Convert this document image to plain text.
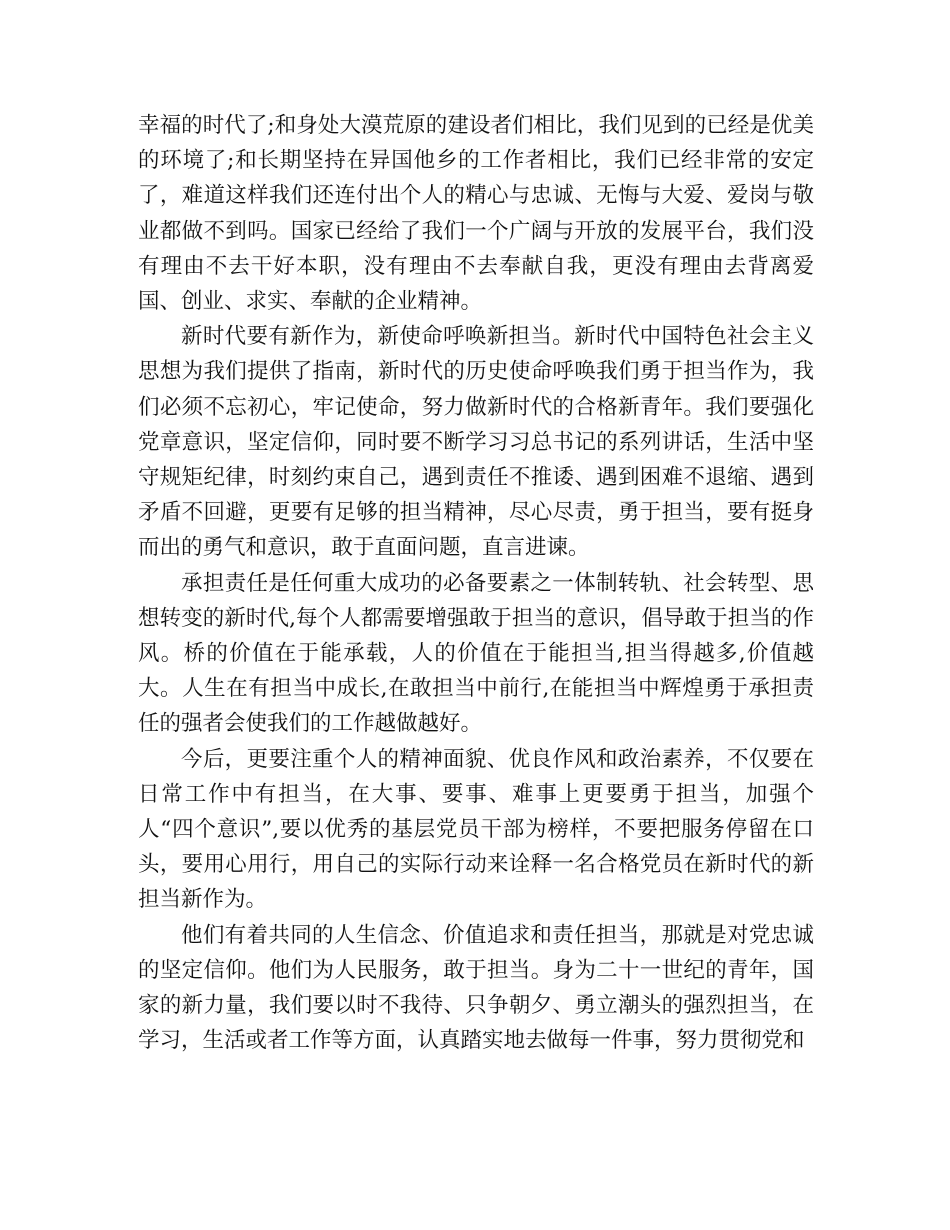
幸福的时代了;和身处大漠荒原的建设者们相比，我们见到的已经是优美的环境了;和长期坚持在异国他乡的工作者相比，我们已经非常的安定了，难道这样我们还连付出个人的精心与忠诚、无悔与大爱、爱岗与敬业都做不到吗。国家已经给了我们一个广阔与开放的发展平台，我们没有理由不去干好本职，没有理由不去奉献自我，更没有理由去背离爱国、创业、求实、奉献的企业精神。

新时代要有新作为，新使命呼唤新担当。新时代中国特色社会主义思想为我们提供了指南，新时代的历史使命呼唤我们勇于担当作为，我们必须不忘初心，牢记使命，努力做新时代的合格新青年。我们要强化党章意识，坚定信仰，同时要不断学习习总书记的系列讲话，生活中坚守规矩纪律，时刻约束自己，遇到责任不推诿、遇到困难不退缩、遇到矛盾不回避，更要有足够的担当精神，尽心尽责，勇于担当，要有挺身而出的勇气和意识，敢于直面问题，直言进谏。

承担责任是任何重大成功的必备要素之一体制转轨、社会转型、思想转变的新时代,每个人都需要增强敢于担当的意识，倡导敢于担当的作风。桥的价值在于能承载，人的价值在于能担当,担当得越多,价值越大。人生在有担当中成长,在敢担当中前行,在能担当中辉煌勇于承担责任的强者会使我们的工作越做越好。

今后，更要注重个人的精神面貌、优良作风和政治素养，不仅要在日常工作中有担当，在大事、要事、难事上更要勇于担当，加强个人“四个意识”,要以优秀的基层党员干部为榜样，不要把服务停留在口头，要用心用行，用自己的实际行动来诠释一名合格党员在新时代的新担当新作为。

他们有着共同的人生信念、价值追求和责任担当，那就是对党忠诚的坚定信仰。他们为人民服务，敢于担当。身为二十一世纪的青年，国家的新力量，我们要以时不我待、只争朝夕、勇立潮头的强烈担当，在学习，生活或者工作等方面，认真踏实地去做每一件事，努力贯彻党和
